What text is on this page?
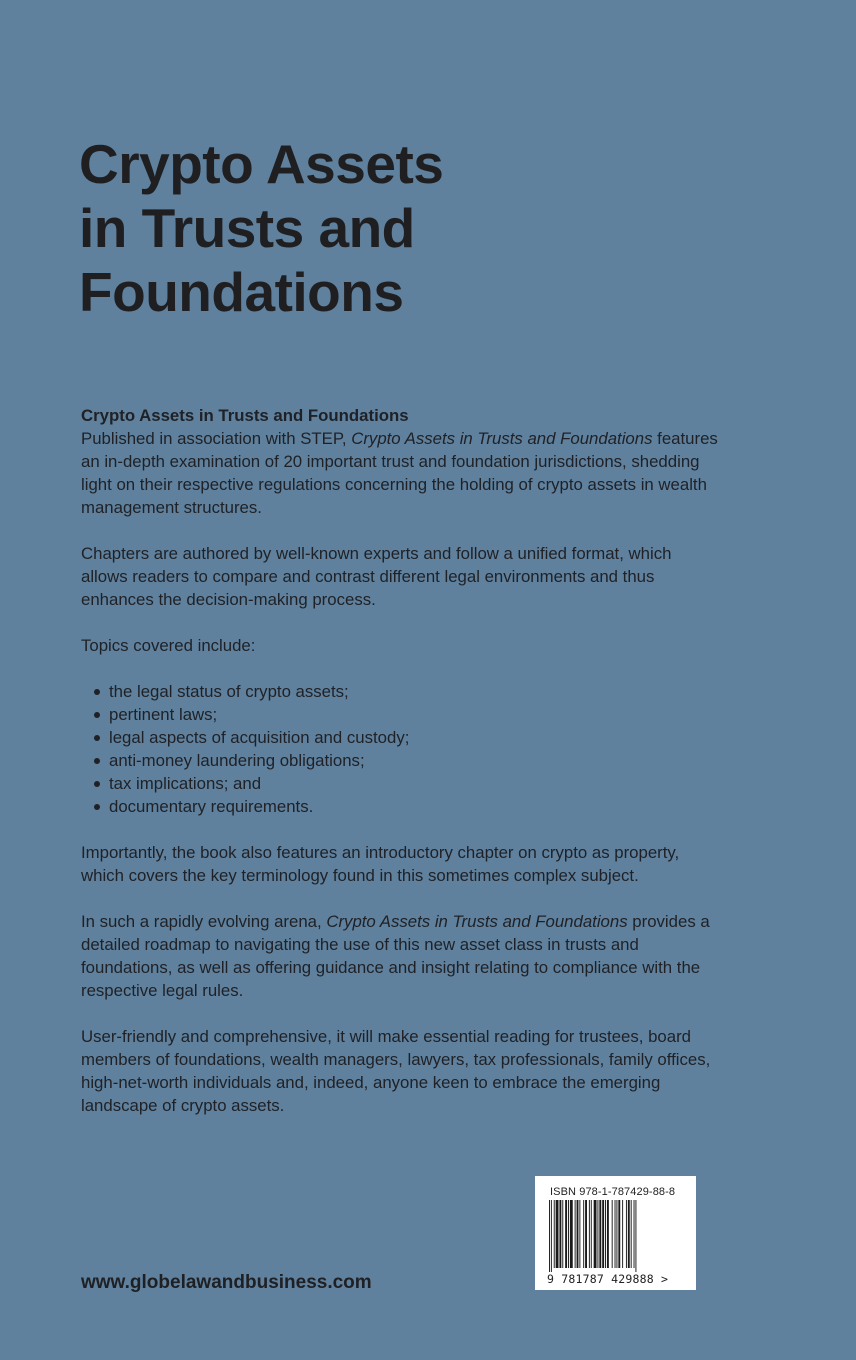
Crypto Assets
in Trusts and
Foundations

Crypto Assets in Trusts and Foundations
Published in association with STEP, Crypto Assets in Trusts and Foundations features an in-depth examination of 20 important trust and foundation jurisdictions, shedding light on their respective regulations concerning the holding of crypto assets in wealth management structures.

Chapters are authored by well-known experts and follow a unified format, which allows readers to compare and contrast different legal environments and thus enhances the decision-making process.

Topics covered include:

the legal status of crypto assets;
pertinent laws;
legal aspects of acquisition and custody;
anti-money laundering obligations;
tax implications; and
documentary requirements.

Importantly, the book also features an introductory chapter on crypto as property, which covers the key terminology found in this sometimes complex subject.

In such a rapidly evolving arena, Crypto Assets in Trusts and Foundations provides a detailed roadmap to navigating the use of this new asset class in trusts and foundations, as well as offering guidance and insight relating to compliance with the respective legal rules.

User-friendly and comprehensive, it will make essential reading for trustees, board members of foundations, wealth managers, lawyers, tax professionals, family offices, high-net-worth individuals and, indeed, anyone keen to embrace the emerging landscape of crypto assets.

www.globelawandbusiness.com
ISBN 978-1-787429-88-8
9 781787 429888 >
